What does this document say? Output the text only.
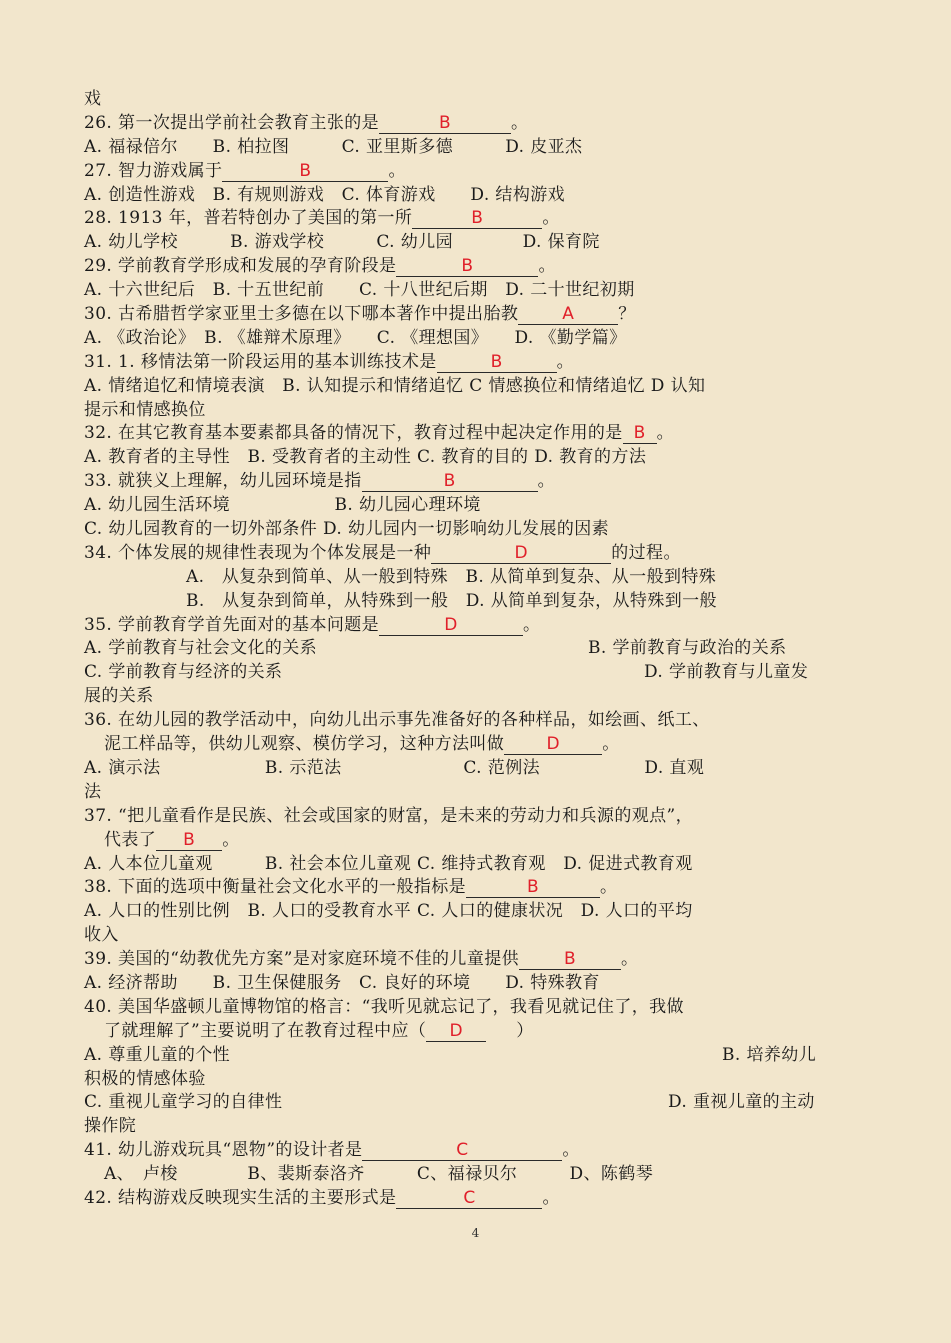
戏
26. 第一次提出学前社会教育主张的是	B	。
A. 福禄倍尔　　B. 柏拉图　　　C. 亚里斯多德　　　D. 皮亚杰
27. 智力游戏属于	B	。
A. 创造性游戏　B. 有规则游戏　C. 体育游戏　　D. 结构游戏
28. 1913 年，普若特创办了美国的第一所	B	。
A. 幼儿学校　　　B. 游戏学校　　　C. 幼儿园　　　　D. 保育院
29. 学前教育学形成和发展的孕育阶段是	B	。
A. 十六世纪后　B. 十五世纪前　　C. 十八世纪后期　D. 二十世纪初期
30. 古希腊哲学家亚里士多德在以下哪本著作中提出胎教	A	？
A. 《政治论》　B. 《雄辩术原理》　　C. 《理想国》　　D. 《勤学篇》
31. 1. 移情法第一阶段运用的基本训练技术是	B	。
A. 情绪追忆和情境表演　B. 认知提示和情绪追忆 C 情感换位和情绪追忆 D 认知
提示和情感换位
32. 在其它教育基本要素都具备的情况下，教育过程中起决定作用的是 B 。
A. 教育者的主导性　B. 受教育者的主动性 C. 教育的目的 D. 教育的方法
33. 就狭义上理解，幼儿园环境是指	B	。
A. 幼儿园生活环境　　　　　　B. 幼儿园心理环境
C. 幼儿园教育的一切外部条件 D. 幼儿园内一切影响幼儿发展的因素
34. 个体发展的规律性表现为个体发展是一种	D	的过程。
A.　从复杂到简单、从一般到特殊　B. 从简单到复杂、从一般到特殊
B.　从复杂到简单，从特殊到一般　D. 从简单到复杂，从特殊到一般
35. 学前教育学首先面对的基本问题是	D	。
A. 学前教育与社会文化的关系	B. 学前教育与政治的关系
C. 学前教育与经济的关系	D. 学前教育与儿童发
展的关系
36. 在幼儿园的教学活动中，向幼儿出示事先准备好的各种样品，如绘画、纸工、
泥工样品等，供幼儿观察、模仿学习，这种方法叫做 D 。
A. 演示法　　　　　　B. 示范法　　　　　　　C. 范例法　　　　　　D. 直观
法
37. “把儿童看作是民族、社会或国家的财富，是未来的劳动力和兵源的观点”，
代表了 B 。
A. 人本位儿童观　　　B. 社会本位儿童观 C. 维持式教育观　D. 促进式教育观
38. 下面的选项中衡量社会文化水平的一般指标是	B	。
A. 人口的性别比例　B. 人口的受教育水平 C. 人口的健康状况　D. 人口的平均
收入
39. 美国的“幼教优先方案”是对家庭环境不佳的儿童提供	B	。
A. 经济帮助　　B. 卫生保健服务　C. 良好的环境　　D. 特殊教育
40. 美国华盛顿儿童博物馆的格言：“我听见就忘记了，我看见就记住了，我做
了就理解了”主要说明了在教育过程中应（ D	）
A. 尊重儿童的个性	B. 培养幼儿
积极的情感体验
C. 重视儿童学习的自律性	D. 重视儿童的主动
操作院
41. 幼儿游戏玩具“恩物”的设计者是	C	。
A、　卢梭　　　　B、裴斯泰洛齐　　　C、福禄贝尔　　　D、陈鹤琴
42. 结构游戏反映现实生活的主要形式是	C	。
4
